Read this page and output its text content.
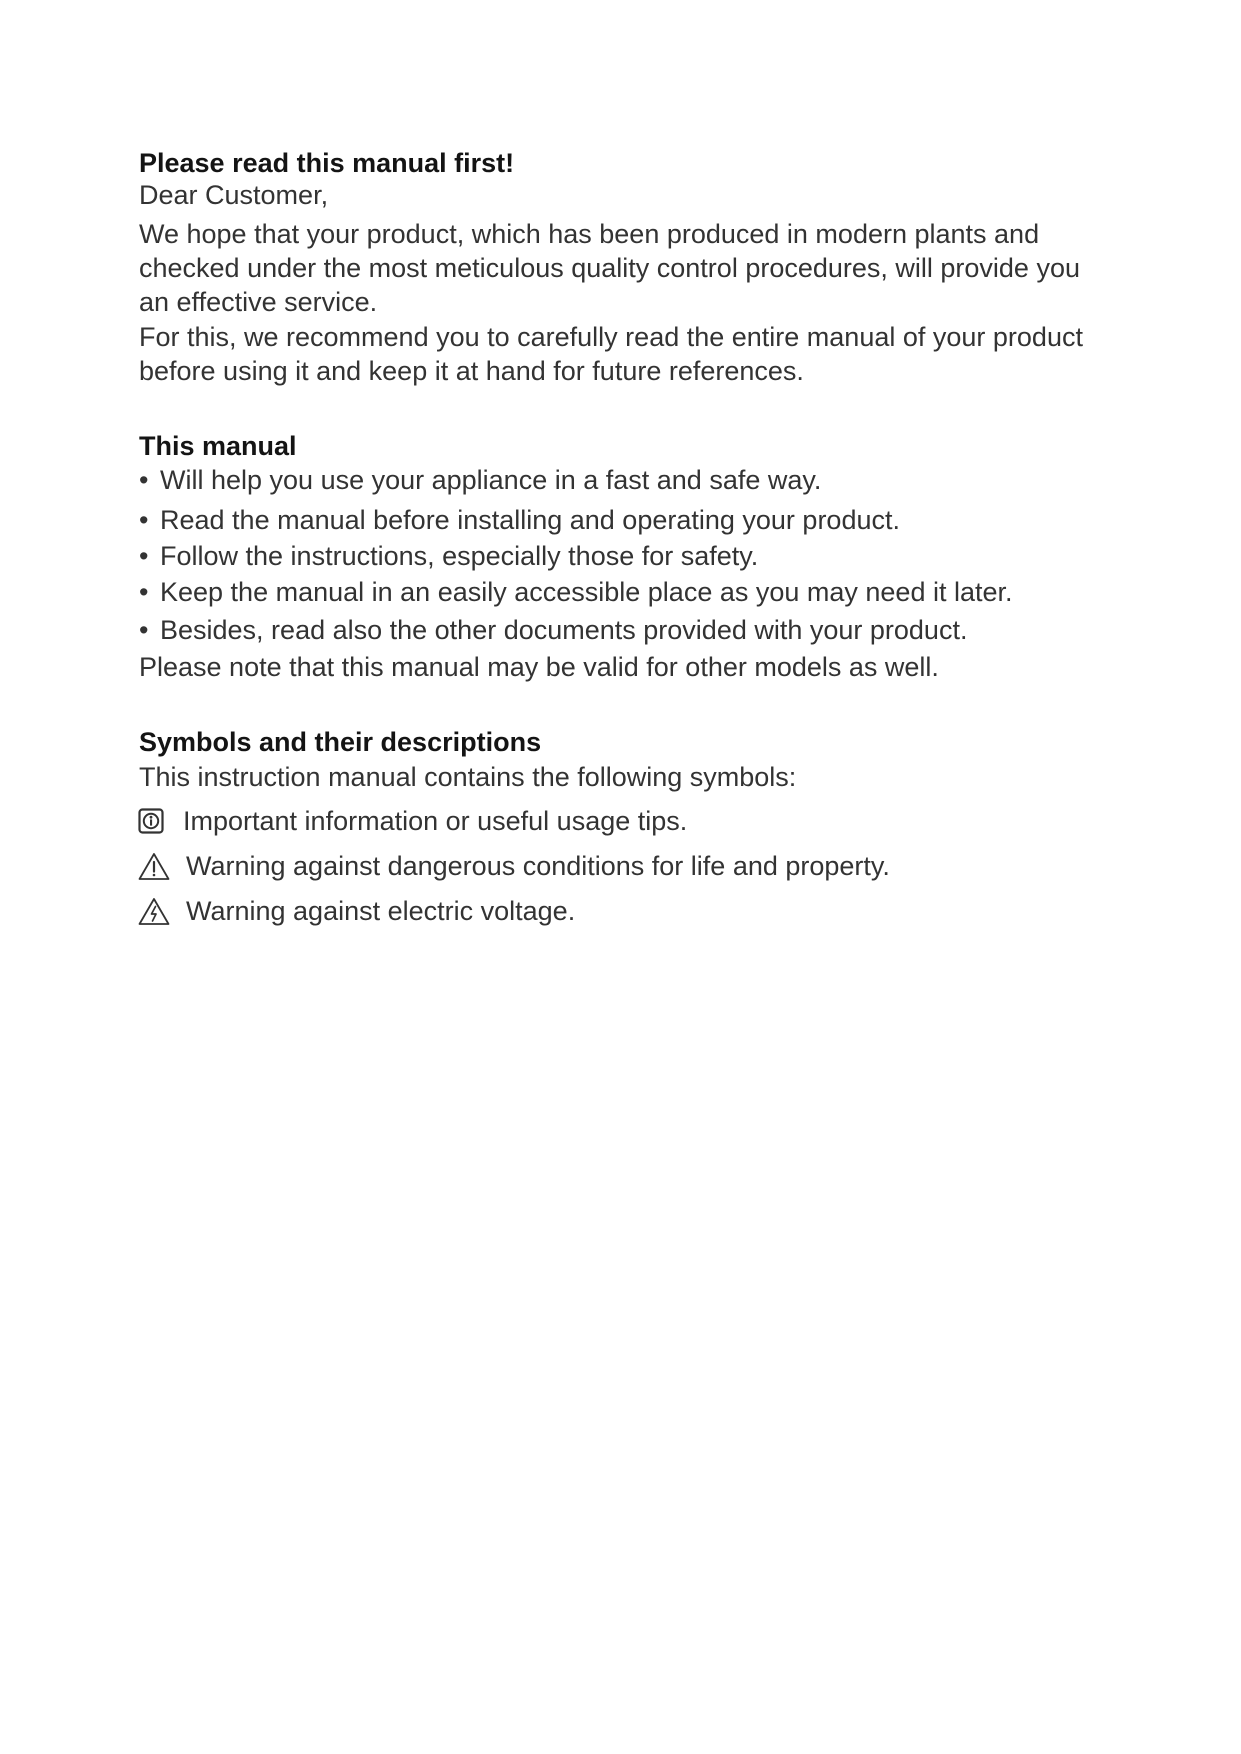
Please read this manual first!
Dear Customer,

We hope that your product, which has been produced in modern plants and checked under the most meticulous quality control procedures, will provide you an effective service.

For this, we recommend you to carefully read the entire manual of your product before using it and keep it at hand for future references.

This manual
• Will help you use your appliance in a fast and safe way.
• Read the manual before installing and operating your product.
• Follow the instructions, especially those for safety.
• Keep the manual in an easily accessible place as you may need it later.
• Besides, read also the other documents provided with your product.
Please note that this manual may be valid for other models as well.
Symbols and their descriptions
This instruction manual contains the following symbols:
Important information or useful usage tips.
Warning against dangerous conditions for life and property.
Warning against electric voltage.
